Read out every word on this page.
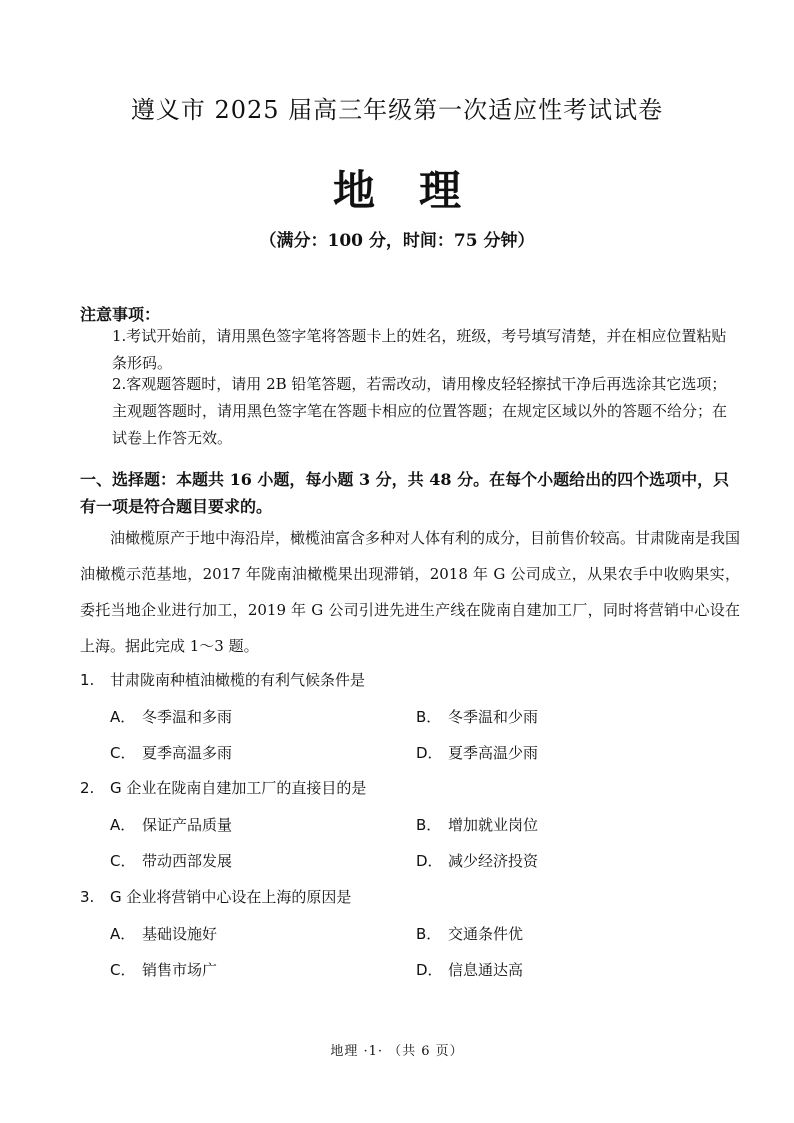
遵义市 2025 届高三年级第一次适应性考试试卷
地理
（满分：100 分，时间：75 分钟）
注意事项：
1.考试开始前，请用黑色签字笔将答题卡上的姓名，班级，考号填写清楚，并在相应位置粘贴条形码。
2.客观题答题时，请用 2B 铅笔答题，若需改动，请用橡皮轻轻擦拭干净后再选涂其它选项；主观题答题时，请用黑色签字笔在答题卡相应的位置答题；在规定区域以外的答题不给分；在试卷上作答无效。
一、选择题：本题共 16 小题，每小题 3 分，共 48 分。在每个小题给出的四个选项中，只有一项是符合题目要求的。
油橄榄原产于地中海沿岸，橄榄油富含多种对人体有利的成分，目前售价较高。甘肃陇南是我国油橄榄示范基地，2017 年陇南油橄榄果出现滞销，2018 年 G 公司成立，从果农手中收购果实，委托当地企业进行加工，2019 年 G 公司引进先进生产线在陇南自建加工厂，同时将营销中心设在上海。据此完成 1～3 题。
1. 甘肃陇南种植油橄榄的有利气候条件是
A． 冬季温和多雨	B． 冬季温和少雨
C． 夏季高温多雨	D． 夏季高温少雨
2. G 企业在陇南自建加工厂的直接目的是
A． 保证产品质量	B． 增加就业岗位
C． 带动西部发展	D． 减少经济投资
3. G 企业将营销中心设在上海的原因是
A． 基础设施好	B． 交通条件优
C． 销售市场广	D． 信息通达高
地理 ·1· （共 6 页）
